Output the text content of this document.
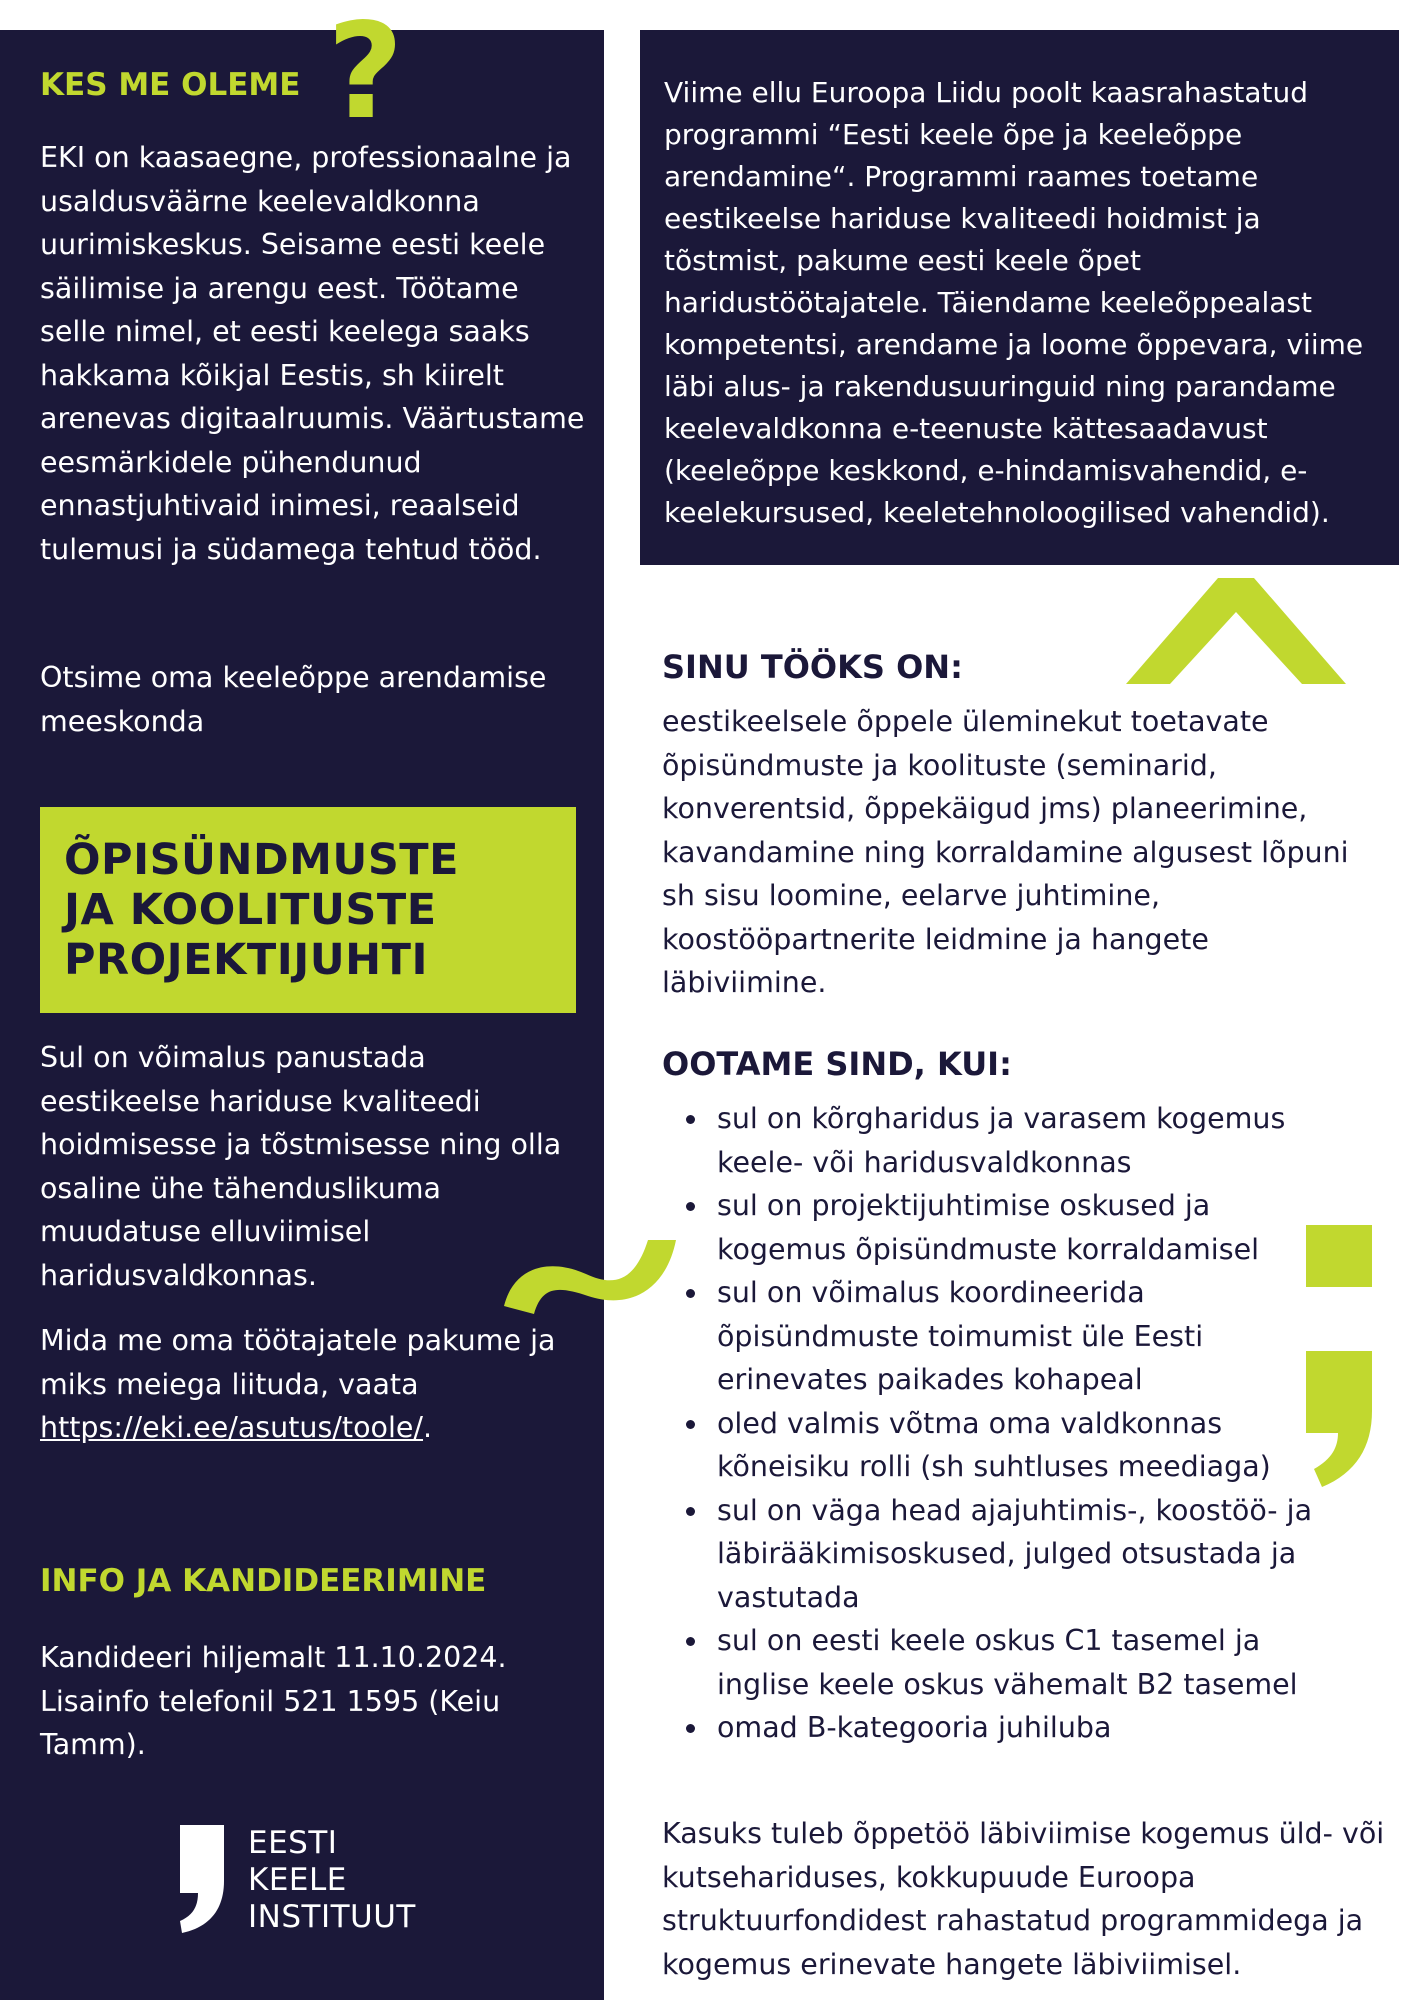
?
KES ME OLEME

EKI on kaasaegne, professionaalne ja usaldusväärne keelevaldkonna uurimiskeskus. Seisame eesti keele säilimise ja arengu eest. Töötame selle nimel, et eesti keelega saaks hakkama kõikjal Eestis, sh kiirelt arenevas digitaalruumis. Väärtustame eesmärkidele pühendunud ennastjuhtivaid inimesi, reaalseid tulemusi ja südamega tehtud tööd.

Otsime oma keeleõppe arendamise meeskonda

ÕPISÜNDMUSTE
JA KOOLITUSTE
PROJEKTIJUHTI

Sul on võimalus panustada eestikeelse hariduse kvaliteedi hoidmisesse ja tõstmisesse ning olla osaline ühe tähenduslikuma muudatuse elluviimisel haridusvaldkonnas.

Mida me oma töötajatele pakume ja miks meiega liituda, vaata https://eki.ee/asutus/toole/.

INFO JA KANDIDEERIMINE

Kandideeri hiljemalt 11.10.2024. Lisainfo telefonil 521 1595 (Keiu Tamm).

EESTI
KEELE
INSTITUUT

Viime ellu Euroopa Liidu poolt kaasrahastatud programmi “Eesti keele õpe ja keeleõppe arendamine“. Programmi raames toetame eestikeelse hariduse kvaliteedi hoidmist ja tõstmist, pakume eesti keele õpet haridustöötajatele. Täiendame keeleõppealast kompetentsi, arendame ja loome õppevara, viime läbi alus- ja rakendusuuringuid ning parandame keelevaldkonna e-teenuste kättesaadavust (keeleõppe keskkond, e-hindamisvahendid, e-keelekursused, keeletehnoloogilised vahendid).

SINU TÖÖKS ON:

eestikeelsele õppele üleminekut toetavate õpisündmuste ja koolituste (seminarid, konverentsid, õppekäigud jms) planeerimine, kavandamine ning korraldamine algusest lõpuni sh sisu loomine, eelarve juhtimine, koostööpartnerite leidmine ja hangete läbiviimine.

OOTAME SIND, KUI:
sul on kõrgharidus ja varasem kogemus keele- või haridusvaldkonnas
sul on projektijuhtimise oskused ja kogemus õpisündmuste korraldamisel
sul on võimalus koordineerida õpisündmuste toimumist üle Eesti erinevates paikades kohapeal
oled valmis võtma oma valdkonnas kõneisiku rolli (sh suhtluses meediaga)
sul on väga head ajajuhtimis-, koostöö- ja läbirääkimisoskused, julged otsustada ja vastutada
sul on eesti keele oskus C1 tasemel ja inglise keele oskus vähemalt B2 tasemel
omad B-kategooria juhiluba

Kasuks tuleb õppetöö läbiviimise kogemus üld- või kutsehariduses, kokkupuude Euroopa struktuurfondidest rahastatud programmidega ja kogemus erinevate hangete läbiviimisel.
